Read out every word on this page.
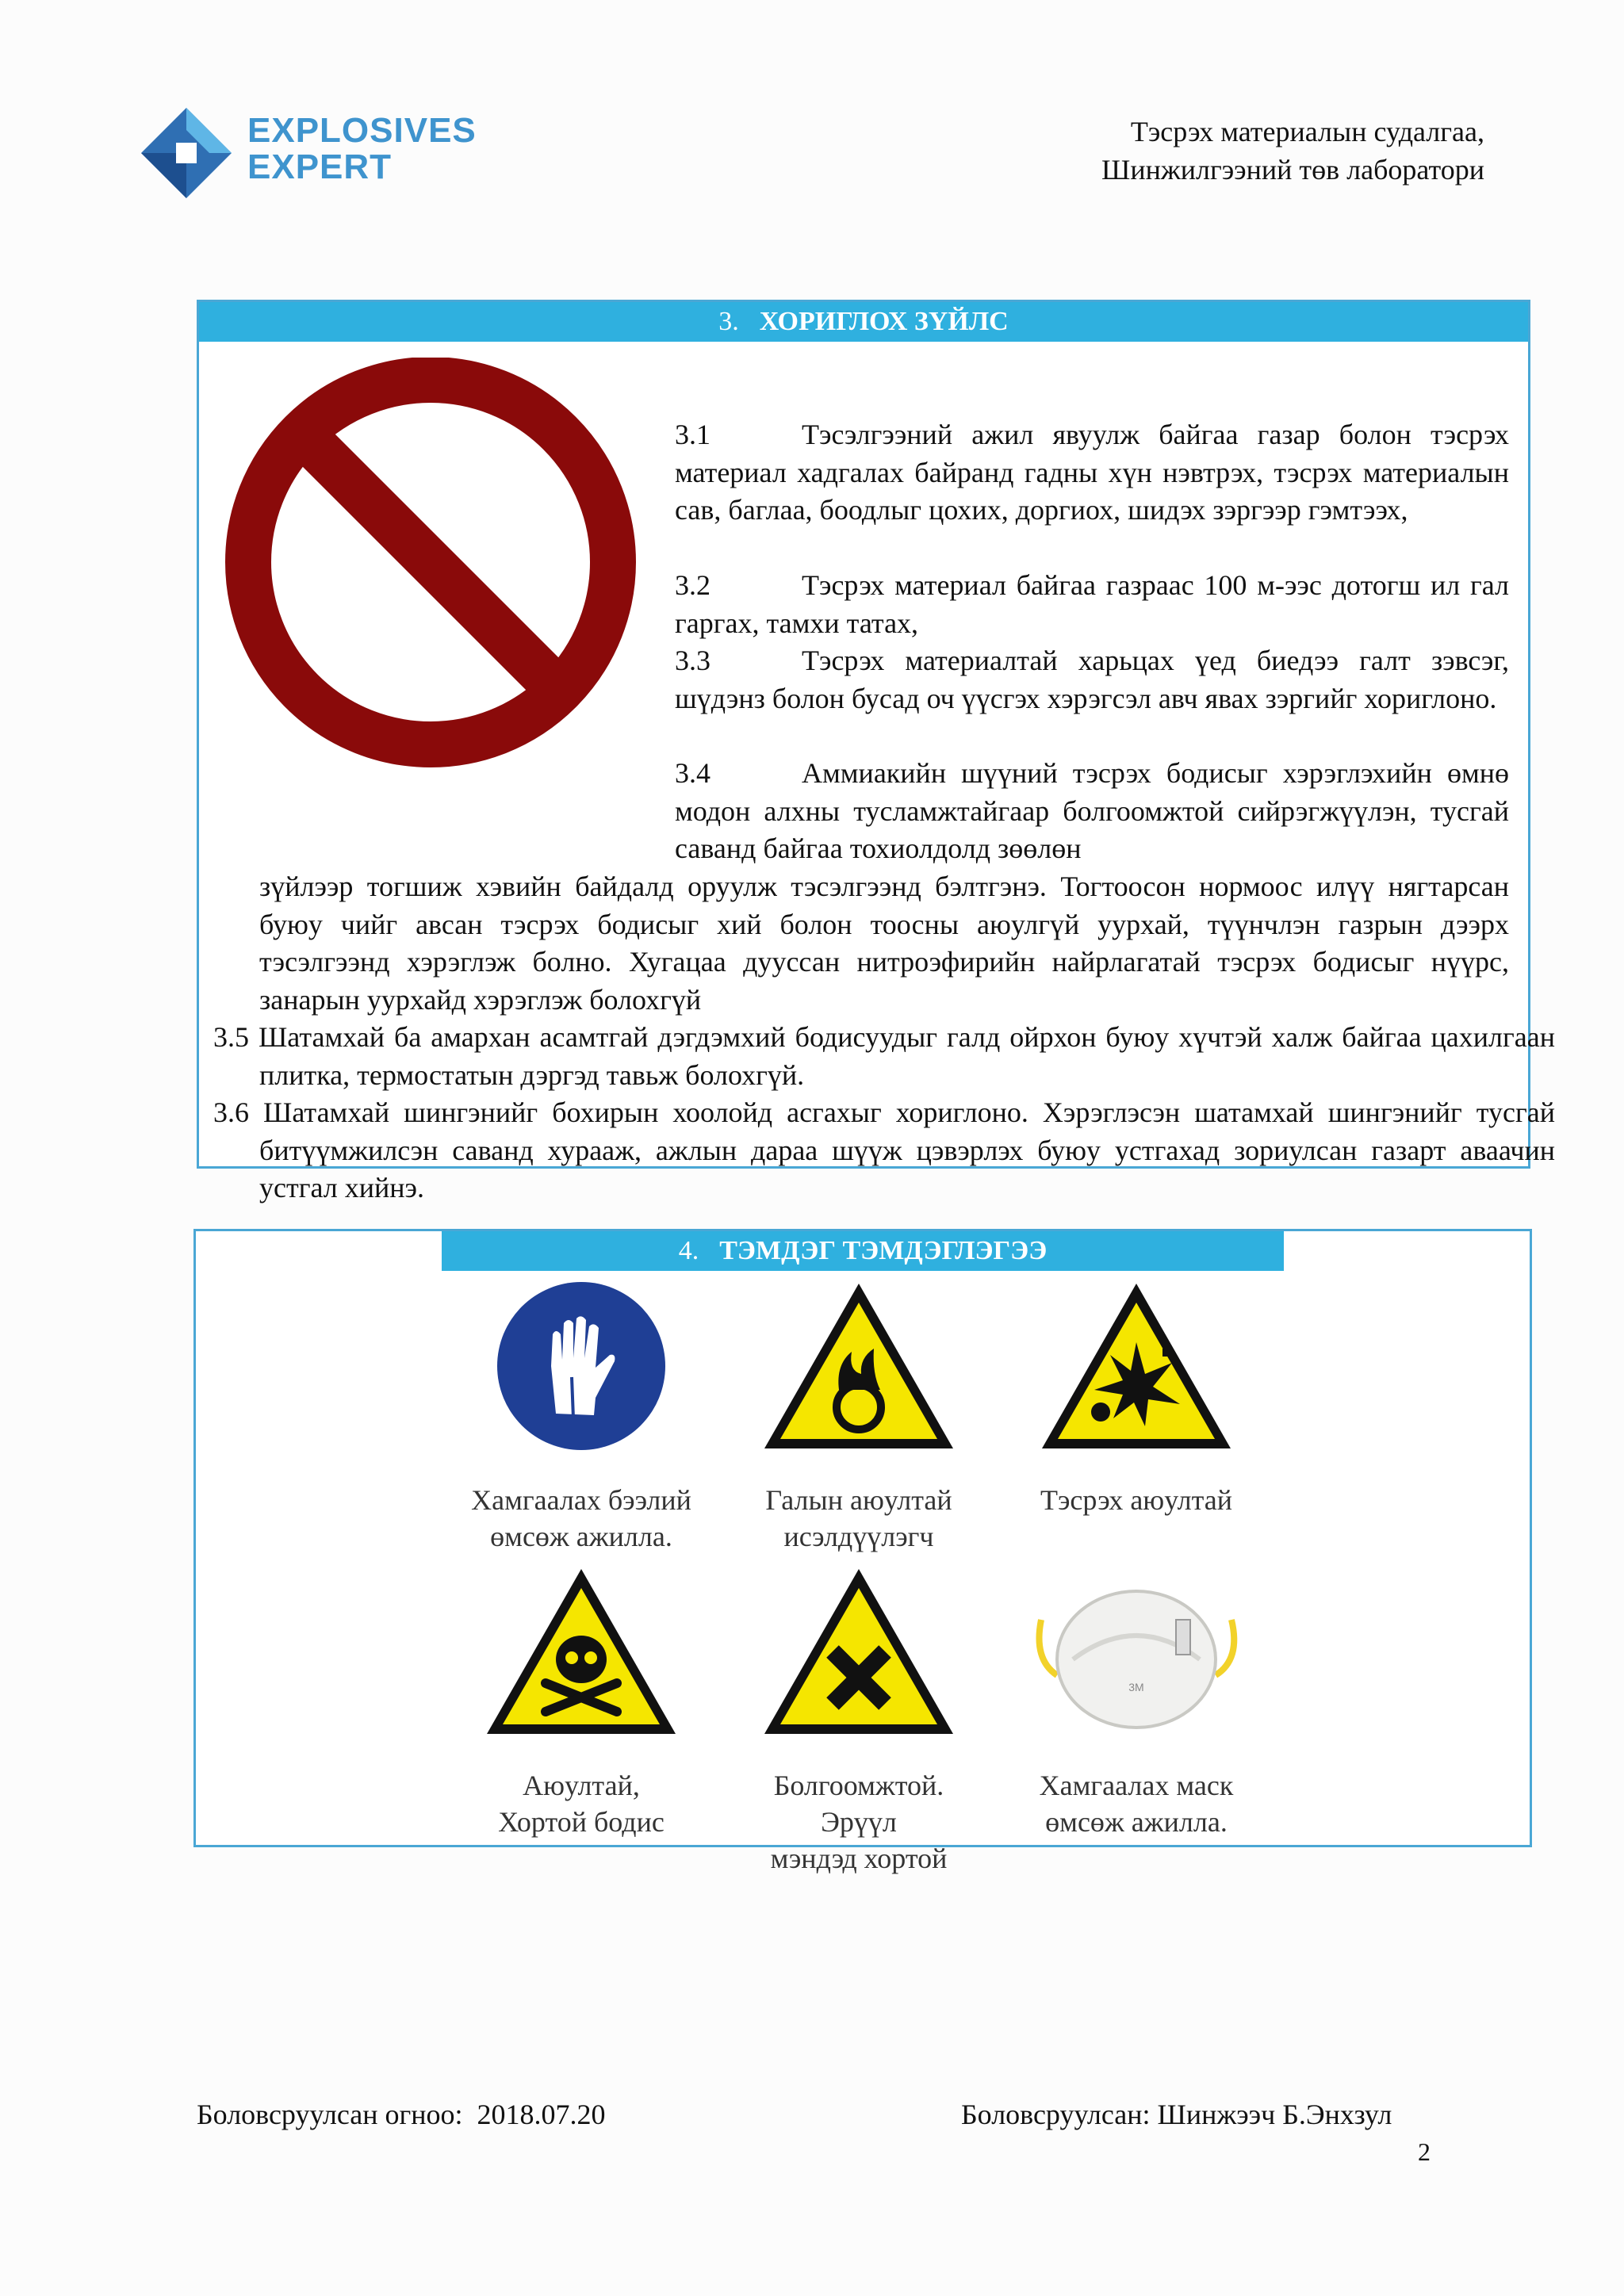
EXPLOSIVES
EXPERT
Тэсрэх материалын судалгаа,
Шинжилгээний төв лаборатори
3. ХОРИГЛОХ ЗҮЙЛС
3.1	Тэсэлгээний ажил явуулж байгаа газар болон тэсрэх материал хадгалах байранд гадны хүн нэвтрэх, тэсрэх материалын сав, баглаа, боодлыг цохих, доргиох, шидэх зэргээр гэмтээх,
3.2	Тэсрэх материал байгаа газраас 100 м-ээс дотогш ил гал гаргах, тамхи татах,
3.3	Тэсрэх материалтай харьцах үед биедээ галт зэвсэг, шүдэнз болон бусад оч үүсгэх хэрэгсэл авч явах зэргийг хориглоно.
3.4	Аммиакийн шүүний тэсрэх бодисыг хэрэглэхийн өмнө модон алхны тусламжтайгаар болгоомжтой сийрэгжүүлэн, тусгай саванд байгаа тохиолдолд зөөлөн
зүйлээр тогшиж хэвийн байдалд оруулж тэсэлгээнд бэлтгэнэ. Тогтоосон нормоос илүү нягтарсан буюу чийг авсан тэсрэх бодисыг хий болон тоосны аюулгүй уурхай, түүнчлэн газрын дээрх тэсэлгээнд хэрэглэж болно. Хугацаа дууссан нитроэфирийн найрлагатай тэсрэх бодисыг нүүрс, занарын уурхайд хэрэглэж болохгүй
3.5 Шатамхай ба амархан асамтгай дэгдэмхий бодисуудыг галд ойрхон буюу хүчтэй халж байгаа цахилгаан плитка, термостатын дэргэд тавьж болохгүй.
3.6 Шатамхай шингэнийг бохирын хоолойд асгахыг хориглоно. Хэрэглэсэн шатамхай шингэнийг тусгай битүүмжилсэн саванд хурааж, ажлын дараа шүүж цэвэрлэх буюу устгахад зориулсан газарт аваачин устгал хийнэ.
4. ТЭМДЭГ ТЭМДЭГЛЭГЭЭ
Хамгаалах бээлий
өмсөж ажилла.
Галын аюултай
исэлдүүлэгч
Тэсрэх аюултай
Аюултай,
Хортой бодис
Болгоомжтой. Эрүүл
мэндэд хортой
3M
Хамгаалах маск
өмсөж ажилла.
Боловсруулсан огноо: 2018.07.20	Боловсруулсан: Шинжээч Б.Энхзул
2
